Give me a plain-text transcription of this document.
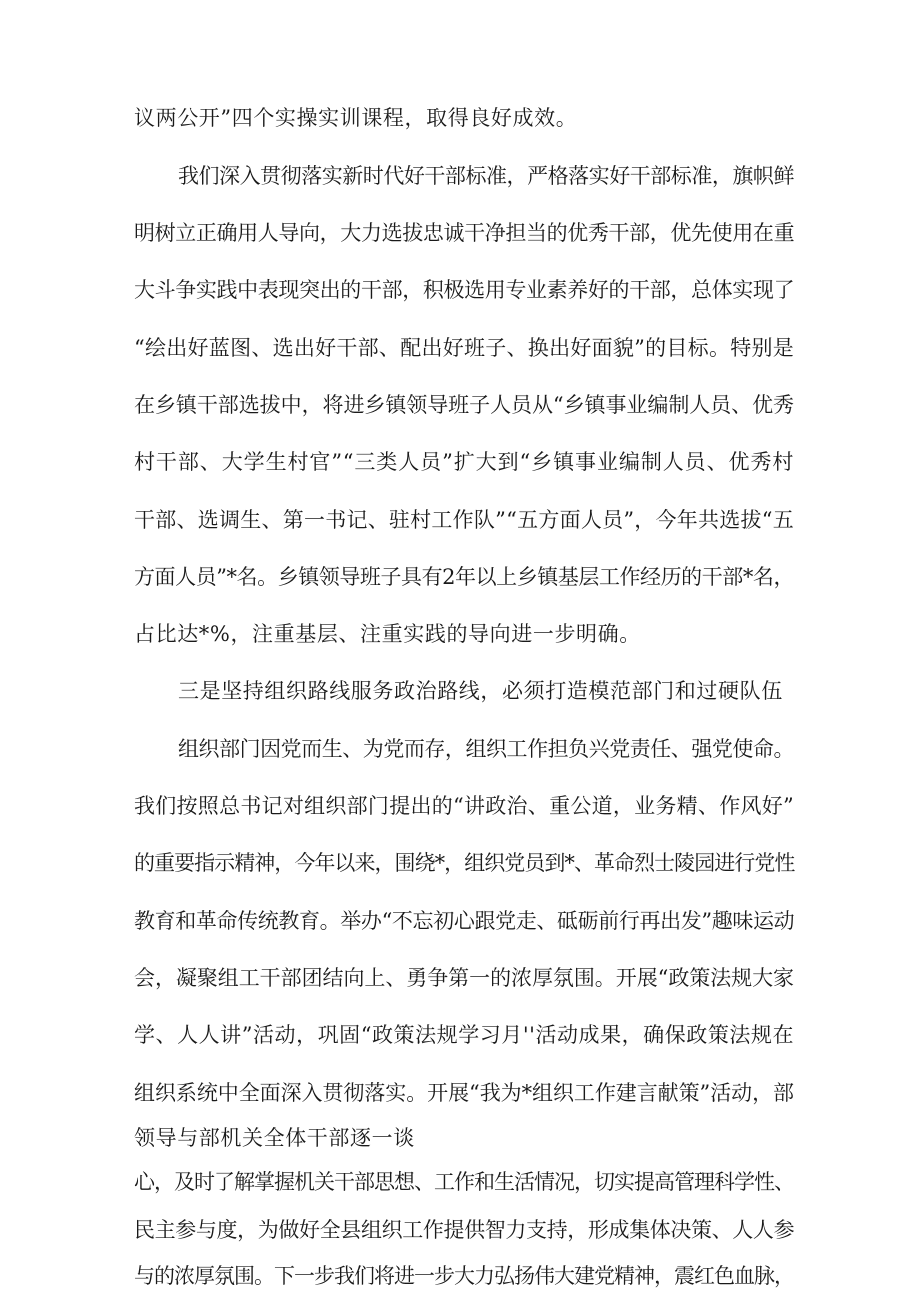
议两公开”四个实操实训课程，取得良好成效。
我们深入贯彻落实新时代好干部标准，严格落实好干部标准，旗帜鲜
明树立正确用人导向，大力选拔忠诚干净担当的优秀干部，优先使用在重
大斗争实践中表现突出的干部，积极选用专业素养好的干部，总体实现了
“绘出好蓝图、选出好干部、配出好班子、换出好面貌”的目标。特别是
在乡镇干部选拔中，将进乡镇领导班子人员从“乡镇事业编制人员、优秀
村干部、大学生村官”“三类人员”扩大到“乡镇事业编制人员、优秀村
干部、选调生、第一书记、驻村工作队”“五方面人员”，今年共选拔“五
方面人员”*名。乡镇领导班子具有2年以上乡镇基层工作经历的干部*名，
占比达*%，注重基层、注重实践的导向进一步明确。
三是坚持组织路线服务政治路线，必须打造模范部门和过硬队伍
组织部门因党而生、为党而存，组织工作担负兴党责任、强党使命。
我们按照总书记对组织部门提出的“讲政治、重公道，业务精、作风好”
的重要指示精神，今年以来，围绕*，组织党员到*、革命烈士陵园进行党性
教育和革命传统教育。举办“不忘初心跟党走、砥砺前行再出发”趣味运动
会，凝聚组工干部团结向上、勇争第一的浓厚氛围。开展“政策法规大家
学、人人讲”活动，巩固“政策法规学习月''活动成果，确保政策法规在
组织系统中全面深入贯彻落实。开展“我为*组织工作建言献策”活动，部
领导与部机关全体干部逐一谈
心，及时了解掌握机关干部思想、工作和生活情况，切实提高管理科学性、
民主参与度，为做好全县组织工作提供智力支持，形成集体决策、人人参
与的浓厚氛围。下一步我们将进一步大力弘扬伟大建党精神，震红色血脉，
